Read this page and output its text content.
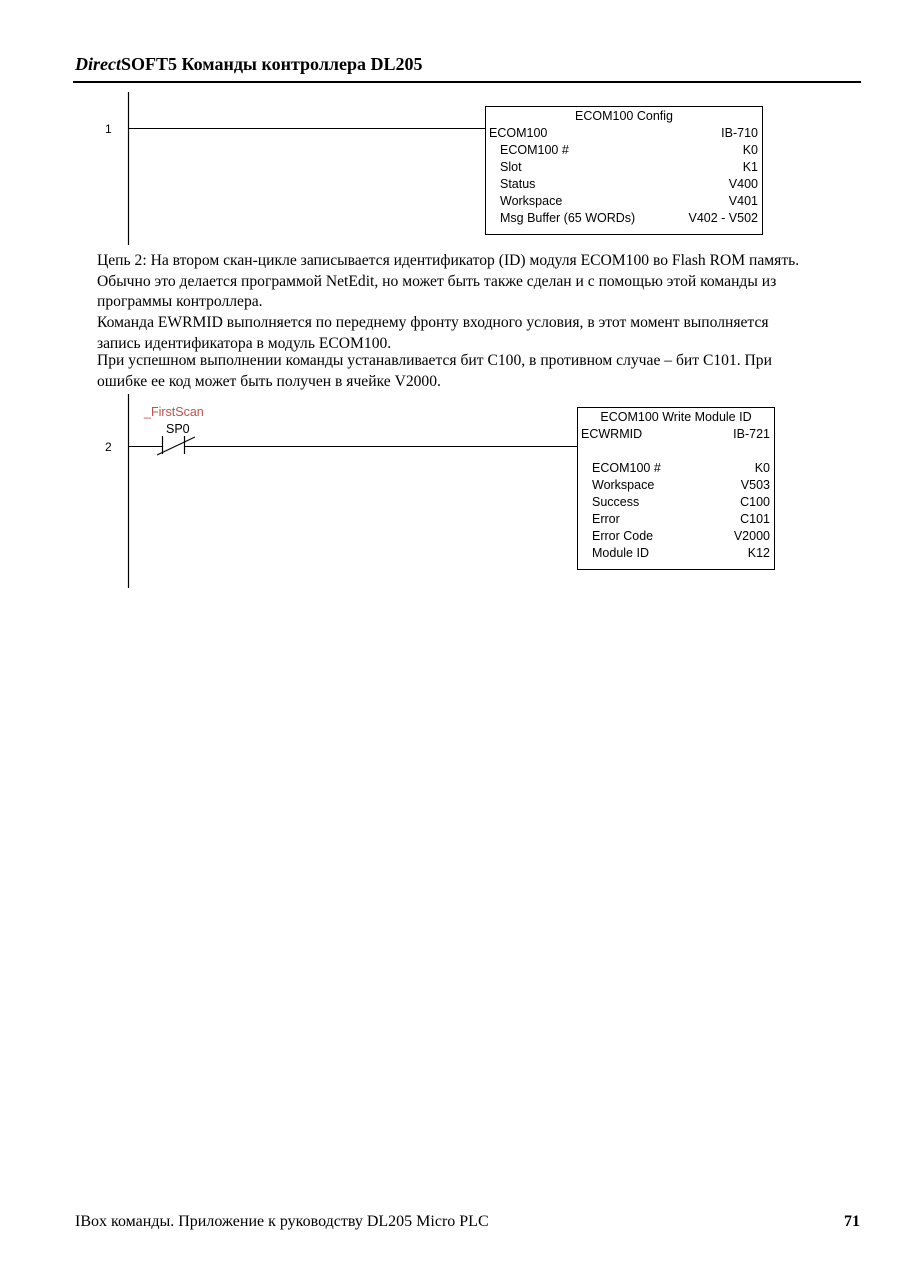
DirectSOFT5 Команды контроллера DL205
1
ECOM100 Config
ECOM100	IB-710
ECOM100 #	K0
Slot	K1
Status	V400
Workspace	V401
Msg Buffer (65 WORDs)	V402 - V502

Цепь 2: На втором скан-цикле записывается идентификатор (ID) модуля ECOM100 во Flash ROM память.
Обычно это делается программой NetEdit, но может быть также сделан и с помощью этой команды из
программы контроллера.

Команда EWRMID выполняется по переднему фронту входного условия, в этот момент выполняется
запись идентификатора в модуль ECOM100.

При успешном выполнении команды устанавливается бит C100, в противном случае – бит C101. При
ошибке ее код может быть получен в ячейке V2000.

2
_FirstScan
SP0
ECOM100 Write Module ID
ECWRMID	IB-721
ECOM100 #	K0
Workspace	V503
Success	C100
Error	C101
Error Code	V2000
Module ID	K12
IBox команды. Приложение к руководству DL205 Micro PLC	71
